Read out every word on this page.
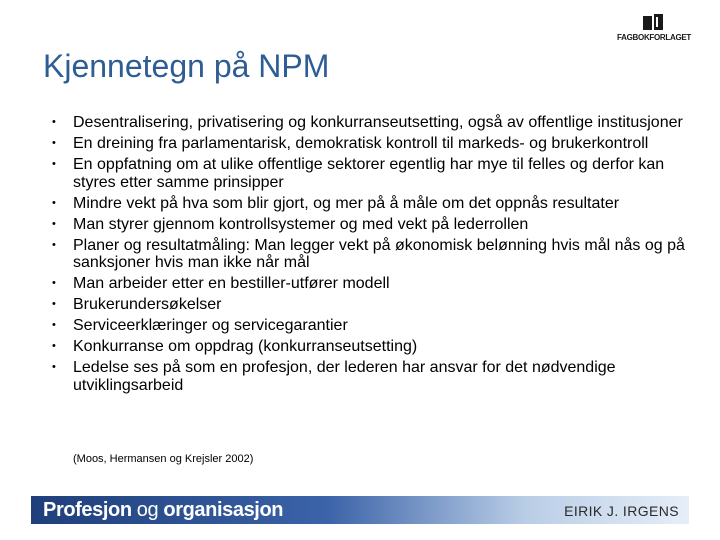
FAGBOKFORLAGET
Kjennetegn på NPM
• Desentralisering, privatisering og konkurranseutsetting, også av offentlige institusjoner
• En dreining fra parlamentarisk, demokratisk kontroll til markeds- og brukerkontroll
• En oppfatning om at ulike offentlige sektorer egentlig har mye til felles og derfor kan styres etter samme prinsipper
• Mindre vekt på hva som blir gjort, og mer på å måle om det oppnås resultater
• Man styrer gjennom kontrollsystemer og med vekt på lederrollen
• Planer og resultatmåling: Man legger vekt på økonomisk belønning hvis mål nås og på sanksjoner hvis man ikke når mål
• Man arbeider etter en bestiller-utfører modell
• Brukerundersøkelser
• Serviceerklæringer og servicegarantier
• Konkurranse om oppdrag (konkurranseutsetting)
• Ledelse ses på som en profesjon, der lederen har ansvar for det nødvendige utviklingsarbeid
(Moos, Hermansen og Krejsler 2002)
Profesjon og organisasjon	EIRIK J. IRGENS
